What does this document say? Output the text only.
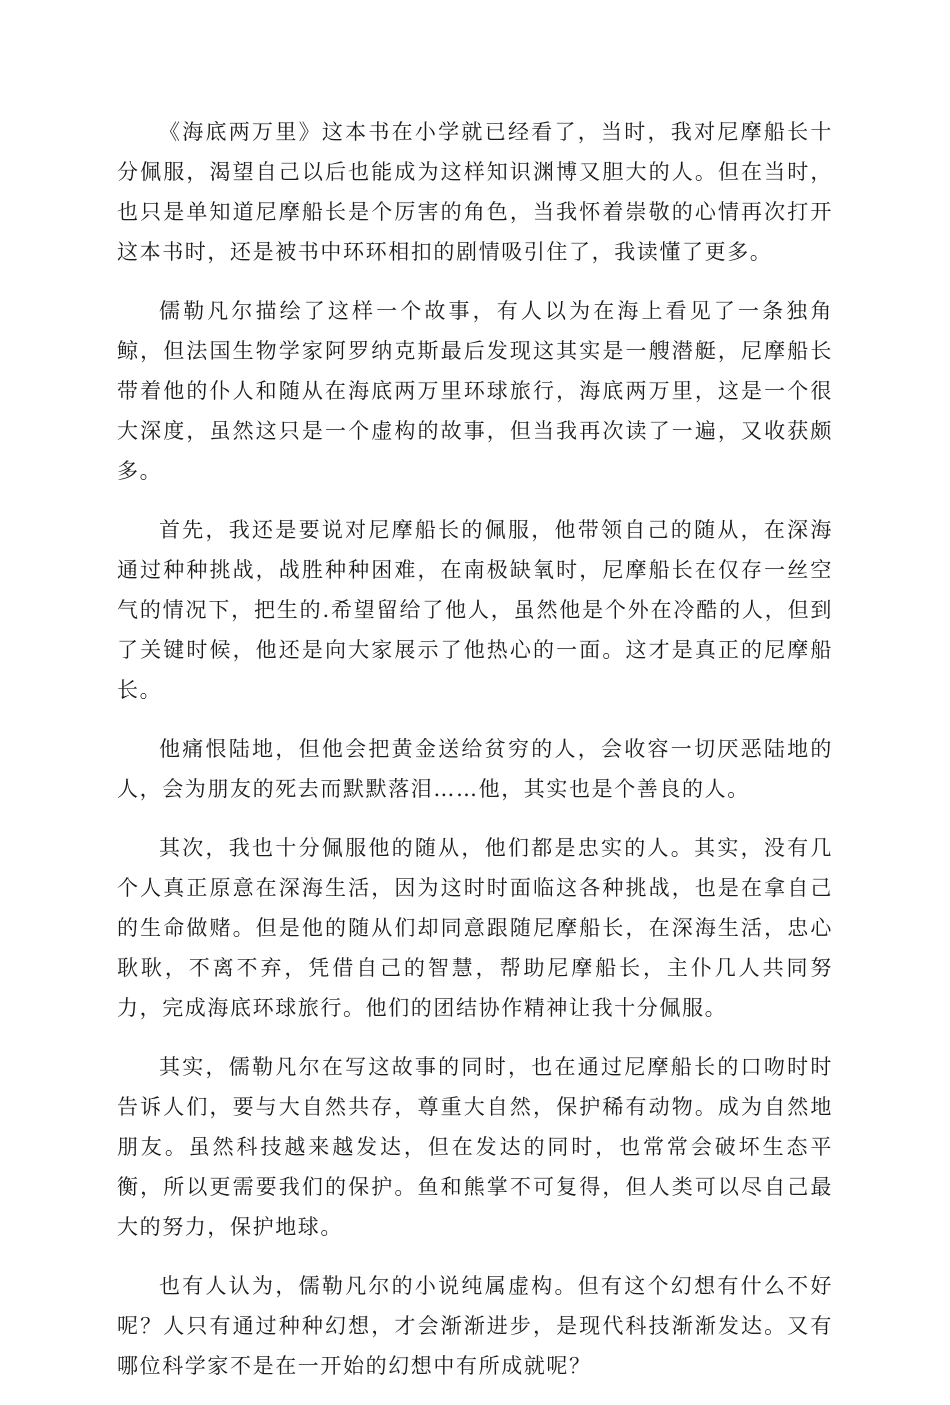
《海底两万里》这本书在小学就已经看了，当时，我对尼摩船长十分佩服，渴望自己以后也能成为这样知识渊博又胆大的人。但在当时，也只是单知道尼摩船长是个厉害的角色，当我怀着崇敬的心情再次打开这本书时，还是被书中环环相扣的剧情吸引住了，我读懂了更多。

儒勒凡尔描绘了这样一个故事，有人以为在海上看见了一条独角鲸，但法国生物学家阿罗纳克斯最后发现这其实是一艘潜艇，尼摩船长带着他的仆人和随从在海底两万里环球旅行，海底两万里，这是一个很大深度，虽然这只是一个虚构的故事，但当我再次读了一遍，又收获颇多。

首先，我还是要说对尼摩船长的佩服，他带领自己的随从，在深海通过种种挑战，战胜种种困难，在南极缺氧时，尼摩船长在仅存一丝空气的情况下，把生的.希望留给了他人，虽然他是个外在冷酷的人，但到了关键时候，他还是向大家展示了他热心的一面。这才是真正的尼摩船长。

他痛恨陆地，但他会把黄金送给贫穷的人，会收容一切厌恶陆地的人，会为朋友的死去而默默落泪……他，其实也是个善良的人。

其次，我也十分佩服他的随从，他们都是忠实的人。其实，没有几个人真正原意在深海生活，因为这时时面临这各种挑战，也是在拿自己的生命做赌。但是他的随从们却同意跟随尼摩船长，在深海生活，忠心耿耿，不离不弃，凭借自己的智慧，帮助尼摩船长，主仆几人共同努力，完成海底环球旅行。他们的团结协作精神让我十分佩服。

其实，儒勒凡尔在写这故事的同时，也在通过尼摩船长的口吻时时告诉人们，要与大自然共存，尊重大自然，保护稀有动物。成为自然地朋友。虽然科技越来越发达，但在发达的同时，也常常会破坏生态平衡，所以更需要我们的保护。鱼和熊掌不可复得，但人类可以尽自己最大的努力，保护地球。

也有人认为，儒勒凡尔的小说纯属虚构。但有这个幻想有什么不好呢？人只有通过种种幻想，才会渐渐进步，是现代科技渐渐发达。又有哪位科学家不是在一开始的幻想中有所成就呢？
